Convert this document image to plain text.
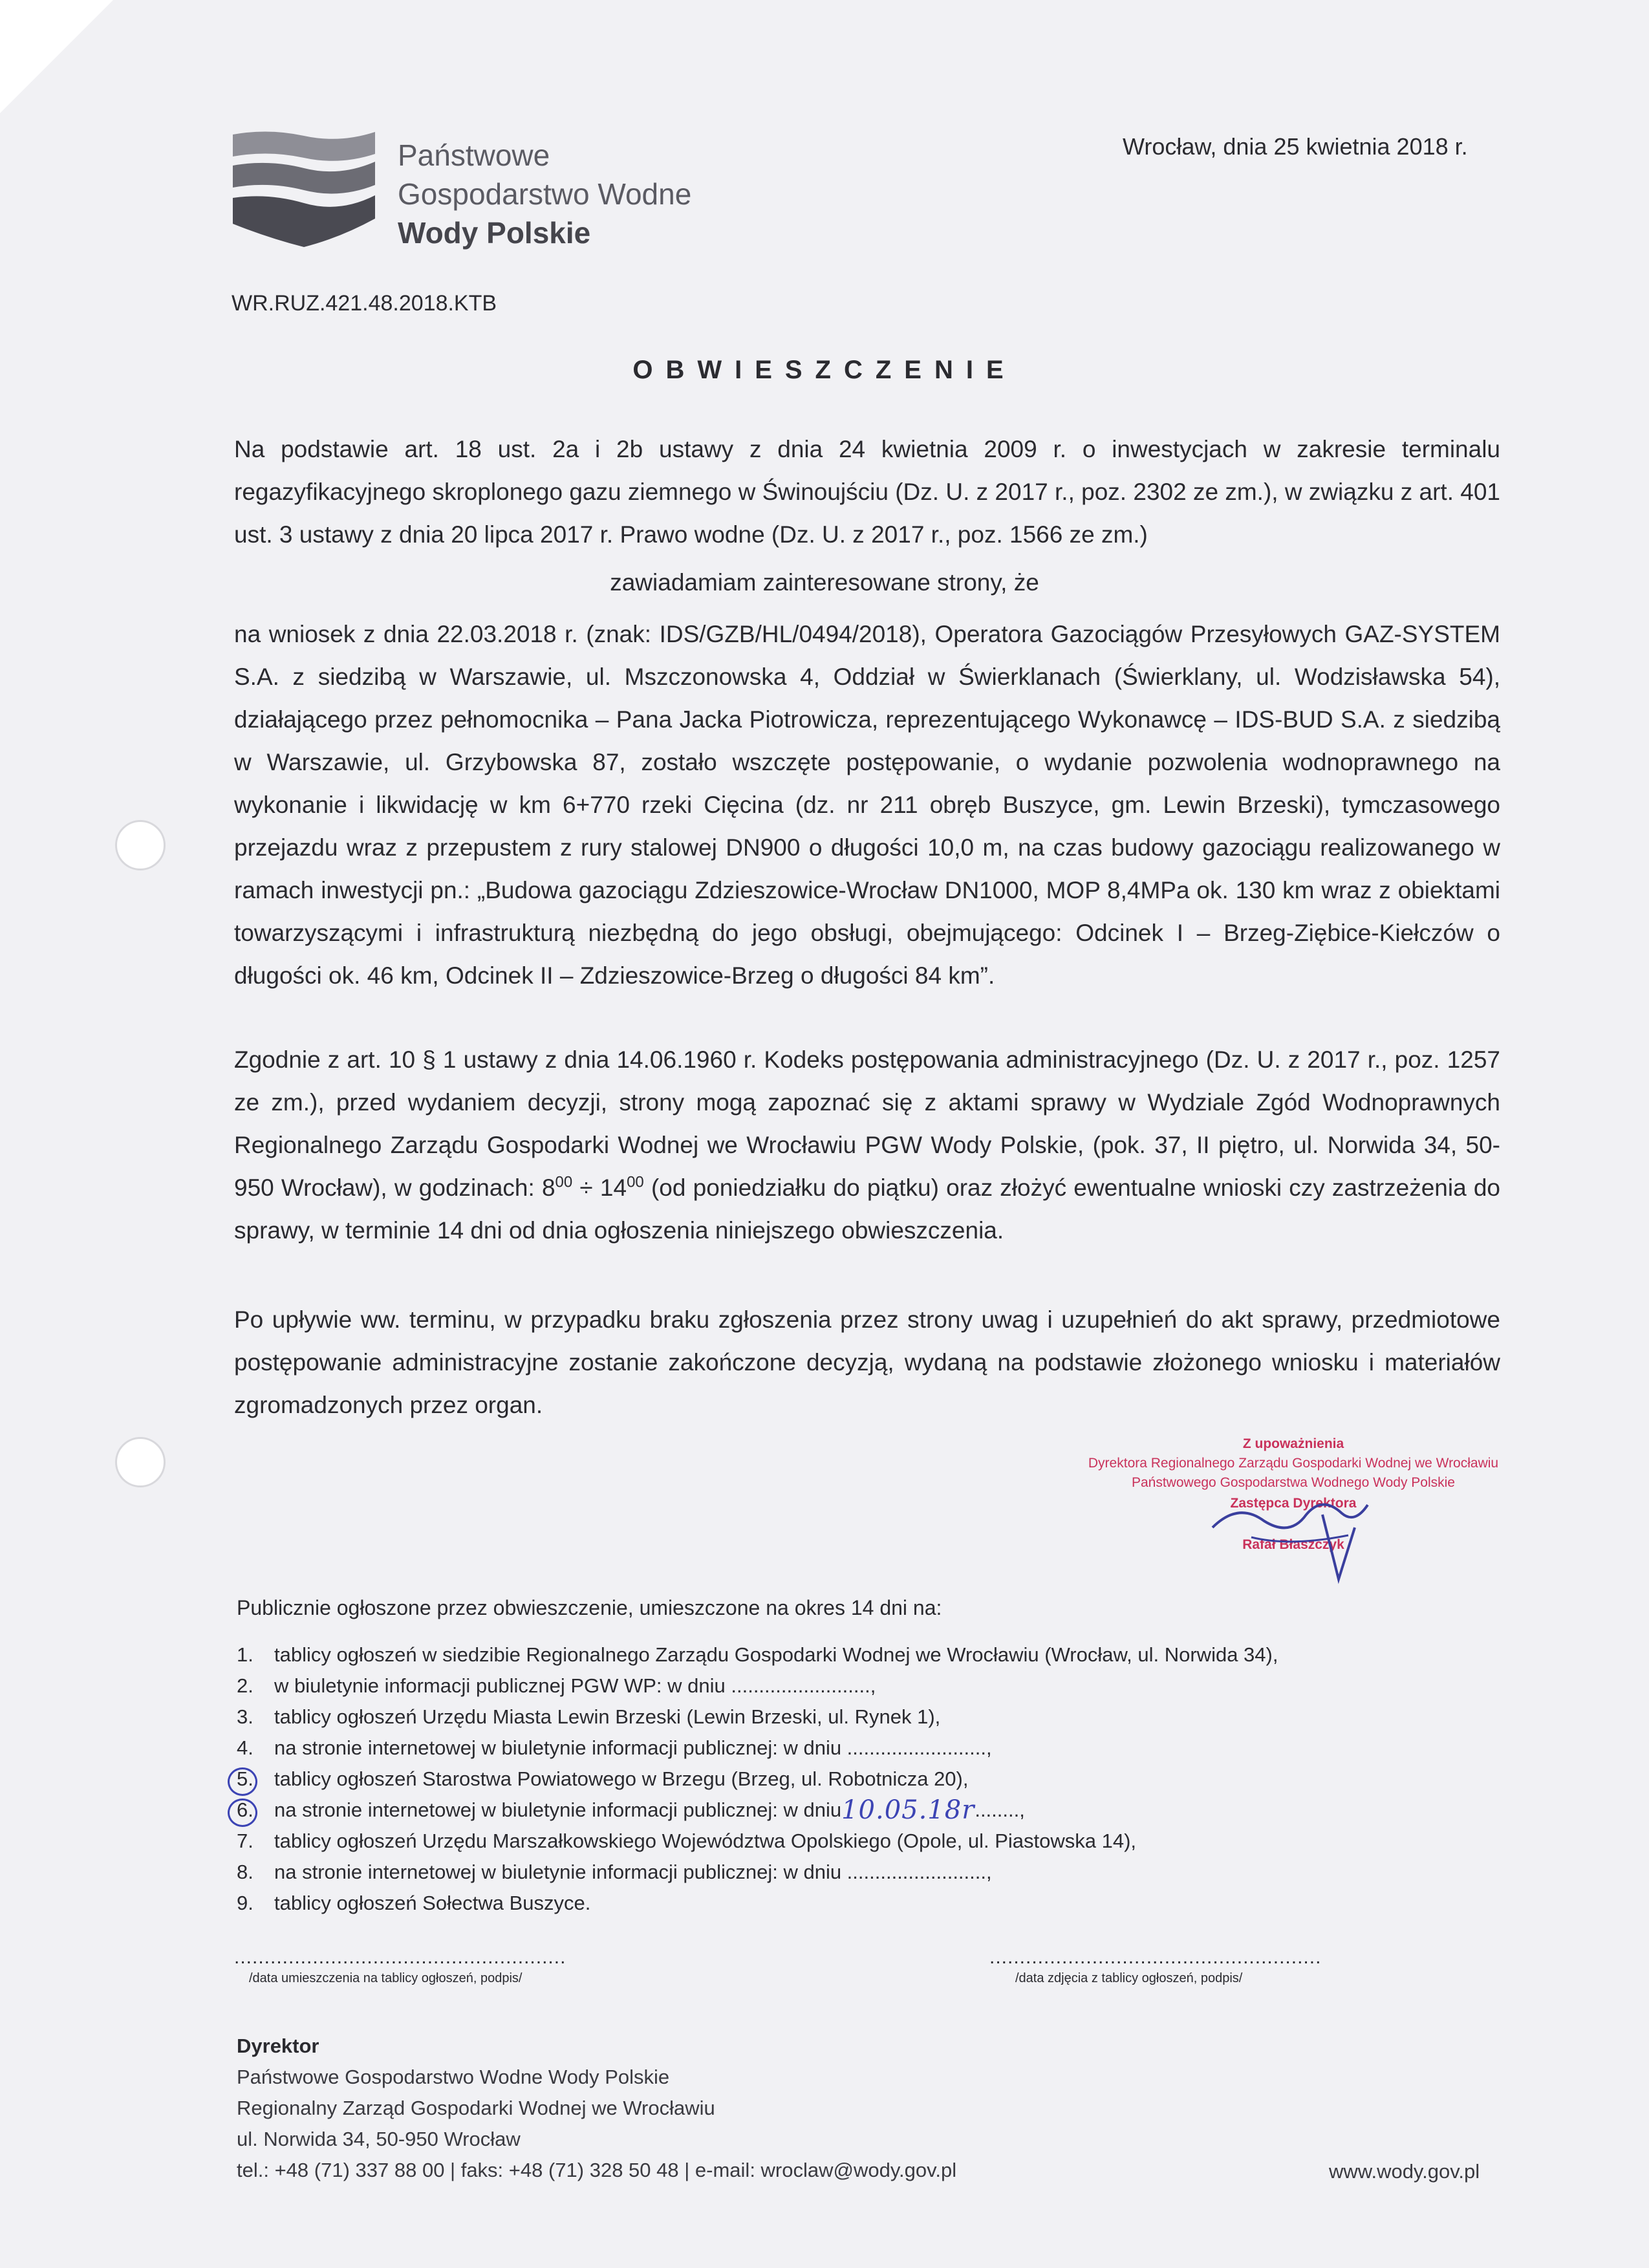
Państwowe
Gospodarstwo Wodne
Wody Polskie
Wrocław, dnia 25 kwietnia 2018 r.
WR.RUZ.421.48.2018.KTB
OBWIESZCZENIE
Na podstawie art. 18 ust. 2a i 2b ustawy z dnia 24 kwietnia 2009 r. o inwestycjach w zakresie terminalu regazyfikacyjnego skroplonego gazu ziemnego w Świnoujściu (Dz. U. z 2017 r., poz. 2302 ze zm.), w związku z art. 401 ust. 3 ustawy z dnia 20 lipca 2017 r. Prawo wodne (Dz. U. z 2017 r., poz. 1566 ze zm.)
zawiadamiam zainteresowane strony, że
na wniosek z dnia 22.03.2018 r. (znak: IDS/GZB/HL/0494/2018), Operatora Gazociągów Przesyłowych GAZ-SYSTEM S.A. z siedzibą w Warszawie, ul. Mszczonowska 4, Oddział w Świerklanach (Świerklany, ul. Wodzisławska 54), działającego przez pełnomocnika – Pana Jacka Piotrowicza, reprezentującego Wykonawcę – IDS-BUD S.A. z siedzibą w Warszawie, ul. Grzybowska 87, zostało wszczęte postępowanie, o wydanie pozwolenia wodnoprawnego na wykonanie i likwidację w km 6+770 rzeki Cięcina (dz. nr 211 obręb Buszyce, gm. Lewin Brzeski), tymczasowego przejazdu wraz z przepustem z rury stalowej DN900 o długości 10,0 m, na czas budowy gazociągu realizowanego w ramach inwestycji pn.: „Budowa gazociągu Zdzieszowice-Wrocław DN1000, MOP 8,4MPa ok. 130 km wraz z obiektami towarzyszącymi i infrastrukturą niezbędną do jego obsługi, obejmującego: Odcinek I – Brzeg-Ziębice-Kiełczów o długości ok. 46 km, Odcinek II – Zdzieszowice-Brzeg o długości 84 km”.
Zgodnie z art. 10 § 1 ustawy z dnia 14.06.1960 r. Kodeks postępowania administracyjnego (Dz. U. z 2017 r., poz. 1257 ze zm.), przed wydaniem decyzji, strony mogą zapoznać się z aktami sprawy w Wydziale Zgód Wodnoprawnych Regionalnego Zarządu Gospodarki Wodnej we Wrocławiu PGW Wody Polskie, (pok. 37, II piętro, ul. Norwida 34, 50-950 Wrocław), w godzinach: $8^{00} \div 14^{00}$ (od poniedziałku do piątku) oraz złożyć ewentualne wnioski czy zastrzeżenia do sprawy, w terminie 14 dni od dnia ogłoszenia niniejszego obwieszczenia.
Po upływie ww. terminu, w przypadku braku zgłoszenia przez strony uwag i uzupełnień do akt sprawy, przedmiotowe postępowanie administracyjne zostanie zakończone decyzją, wydaną na podstawie złożonego wniosku i materiałów zgromadzonych przez organ.
Z upoważnienia
Dyrektora Regionalnego Zarządu Gospodarki Wodnej we Wrocławiu
Państwowego Gospodarstwa Wodnego Wody Polskie
Zastępca Dyrektora
Rafał Błaszczyk
Publicznie ogłoszone przez obwieszczenie, umieszczone na okres 14 dni na:
1.	tablicy ogłoszeń w siedzibie Regionalnego Zarządu Gospodarki Wodnej we Wrocławiu (Wrocław, ul. Norwida 34),
2.	w biuletynie informacji publicznej PGW WP: w dniu .........................,
3.	tablicy ogłoszeń Urzędu Miasta Lewin Brzeski (Lewin Brzeski, ul. Rynek 1),
4.	na stronie internetowej w biuletynie informacji publicznej: w dniu .........................,
5.	tablicy ogłoszeń Starostwa Powiatowego w Brzegu (Brzeg, ul. Robotnicza 20),
6.	na stronie internetowej w biuletynie informacji publicznej: w dniu 10.05.18r ........,
7.	tablicy ogłoszeń Urzędu Marszałkowskiego Województwa Opolskiego (Opole, ul. Piastowska 14),
8.	na stronie internetowej w biuletynie informacji publicznej: w dniu .........................,
9.	tablicy ogłoszeń Sołectwa Buszyce.
.......................................................
/data umieszczenia na tablicy ogłoszeń, podpis/
.......................................................
/data zdjęcia z tablicy ogłoszeń, podpis/
Dyrektor
Państwowe Gospodarstwo Wodne Wody Polskie
Regionalny Zarząd Gospodarki Wodnej we Wrocławiu
ul. Norwida 34, 50-950 Wrocław
tel.: +48 (71) 337 88 00 | faks: +48 (71) 328 50 48 | e-mail: wroclaw@wody.gov.pl	www.wody.gov.pl
